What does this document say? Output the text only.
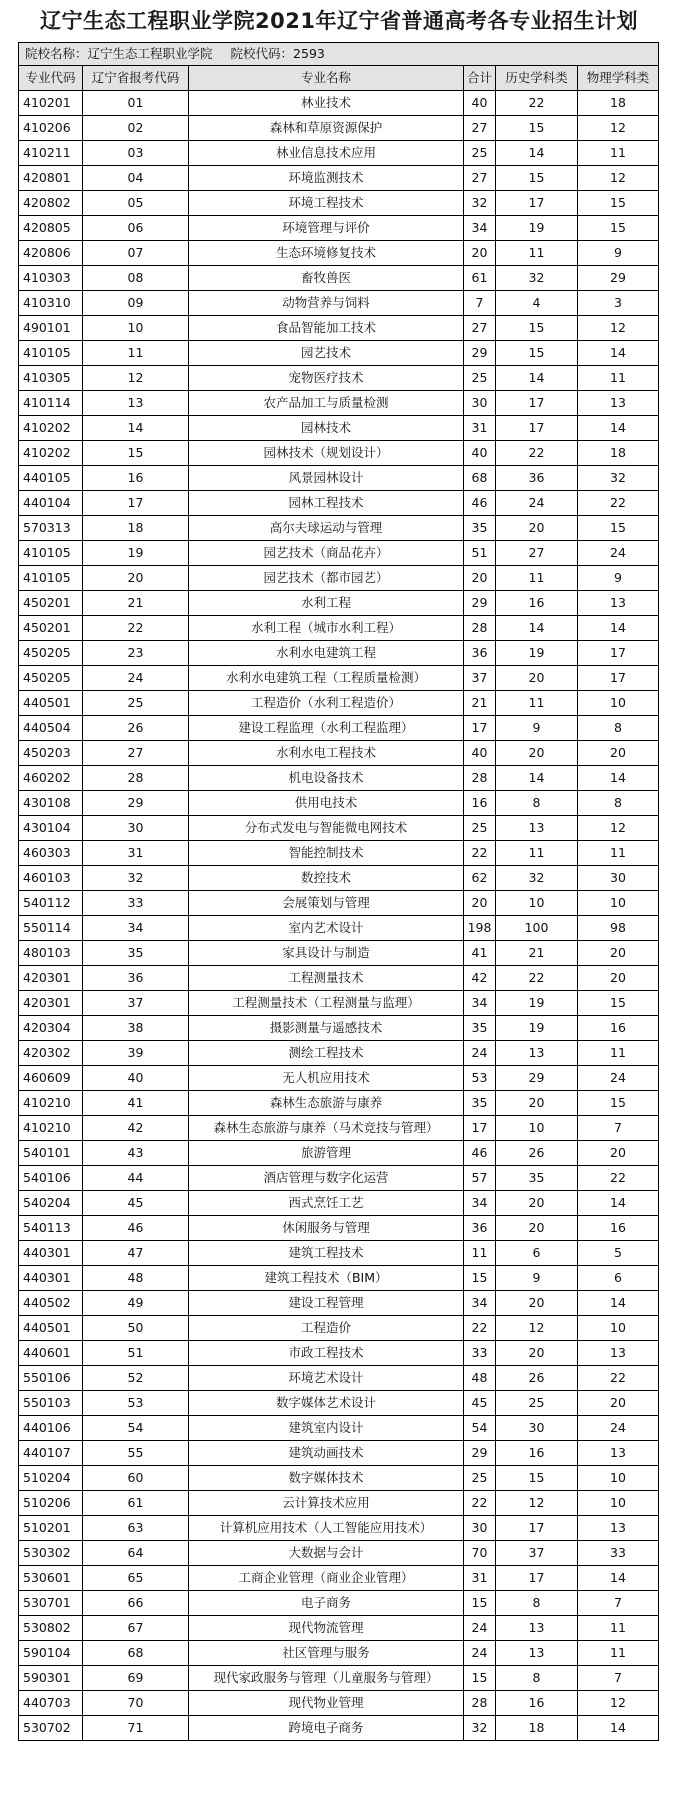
辽宁生态工程职业学院2021年辽宁省普通高考各专业招生计划
院校名称：辽宁生态工程职业学院 院校代码：2593					
专业代码	辽宁省报考代码	专业名称	合计	历史学科类	物理学科类
410201	01	林业技术	40	22	18
410206	02	森林和草原资源保护	27	15	12
410211	03	林业信息技术应用	25	14	11
420801	04	环境监测技术	27	15	12
420802	05	环境工程技术	32	17	15
420805	06	环境管理与评价	34	19	15
420806	07	生态环境修复技术	20	11	9
410303	08	畜牧兽医	61	32	29
410310	09	动物营养与饲料	7	4	3
490101	10	食品智能加工技术	27	15	12
410105	11	园艺技术	29	15	14
410305	12	宠物医疗技术	25	14	11
410114	13	农产品加工与质量检测	30	17	13
410202	14	园林技术	31	17	14
410202	15	园林技术（规划设计）	40	22	18
440105	16	风景园林设计	68	36	32
440104	17	园林工程技术	46	24	22
570313	18	高尔夫球运动与管理	35	20	15
410105	19	园艺技术（商品花卉）	51	27	24
410105	20	园艺技术（都市园艺）	20	11	9
450201	21	水利工程	29	16	13
450201	22	水利工程（城市水利工程）	28	14	14
450205	23	水利水电建筑工程	36	19	17
450205	24	水利水电建筑工程（工程质量检测）	37	20	17
440501	25	工程造价（水利工程造价）	21	11	10
440504	26	建设工程监理（水利工程监理）	17	9	8
450203	27	水利水电工程技术	40	20	20
460202	28	机电设备技术	28	14	14
430108	29	供用电技术	16	8	8
430104	30	分布式发电与智能微电网技术	25	13	12
460303	31	智能控制技术	22	11	11
460103	32	数控技术	62	32	30
540112	33	会展策划与管理	20	10	10
550114	34	室内艺术设计	198	100	98
480103	35	家具设计与制造	41	21	20
420301	36	工程测量技术	42	22	20
420301	37	工程测量技术（工程测量与监理）	34	19	15
420304	38	摄影测量与遥感技术	35	19	16
420302	39	测绘工程技术	24	13	11
460609	40	无人机应用技术	53	29	24
410210	41	森林生态旅游与康养	35	20	15
410210	42	森林生态旅游与康养（马术竞技与管理）	17	10	7
540101	43	旅游管理	46	26	20
540106	44	酒店管理与数字化运营	57	35	22
540204	45	西式烹饪工艺	34	20	14
540113	46	休闲服务与管理	36	20	16
440301	47	建筑工程技术	11	6	5
440301	48	建筑工程技术（BIM）	15	9	6
440502	49	建设工程管理	34	20	14
440501	50	工程造价	22	12	10
440601	51	市政工程技术	33	20	13
550106	52	环境艺术设计	48	26	22
550103	53	数字媒体艺术设计	45	25	20
440106	54	建筑室内设计	54	30	24
440107	55	建筑动画技术	29	16	13
510204	60	数字媒体技术	25	15	10
510206	61	云计算技术应用	22	12	10
510201	63	计算机应用技术（人工智能应用技术）	30	17	13
530302	64	大数据与会计	70	37	33
530601	65	工商企业管理（商业企业管理）	31	17	14
530701	66	电子商务	15	8	7
530802	67	现代物流管理	24	13	11
590104	68	社区管理与服务	24	13	11
590301	69	现代家政服务与管理（儿童服务与管理）	15	8	7
440703	70	现代物业管理	28	16	12
530702	71	跨境电子商务	32	18	14
